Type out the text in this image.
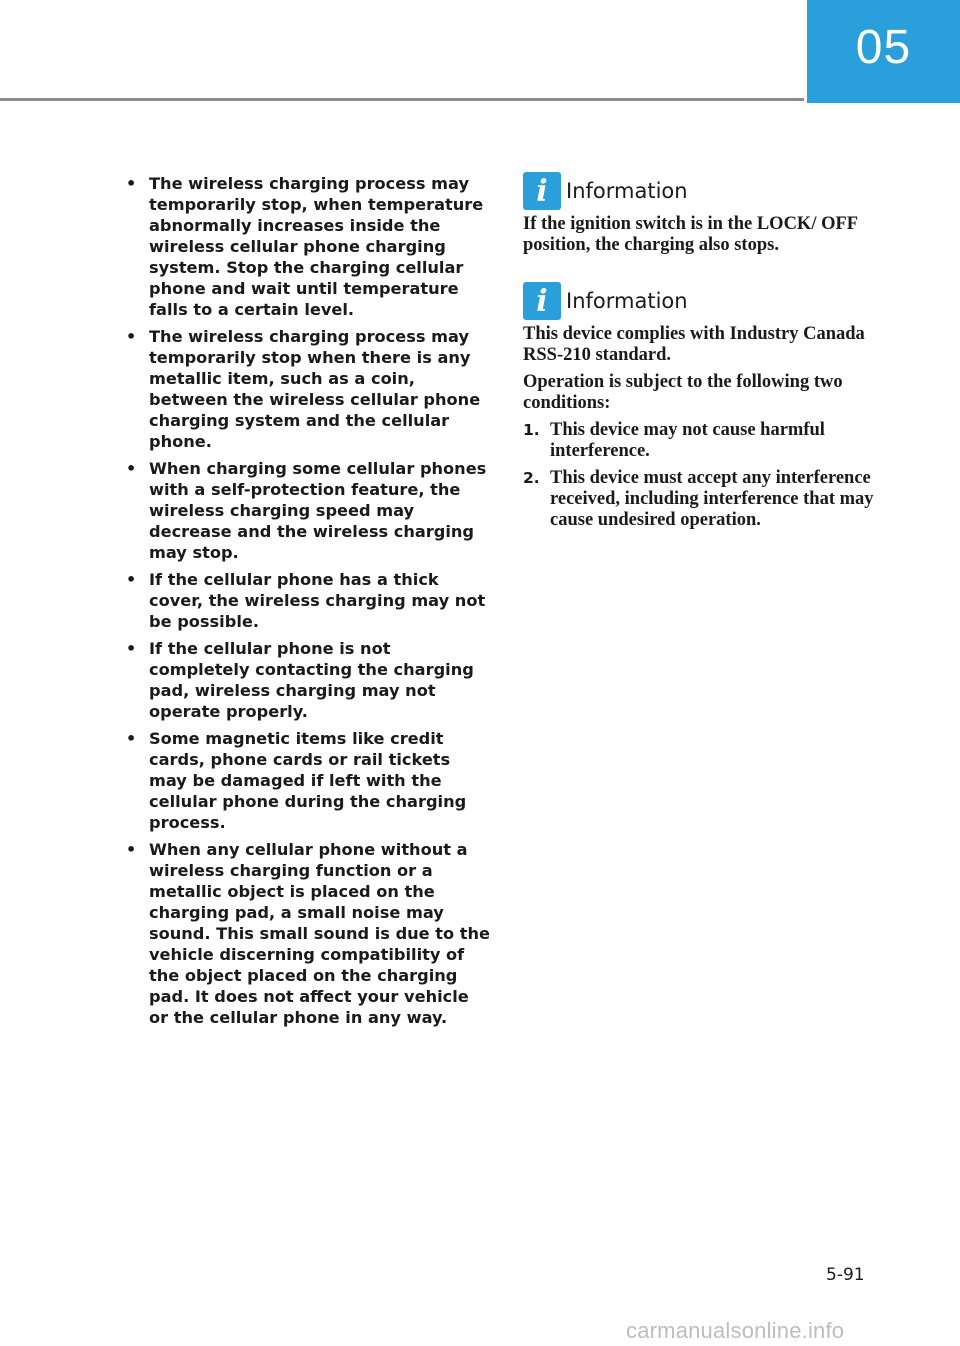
05
• The wireless charging process may temporarily stop, when temperature abnormally increases inside the wireless cellular phone charging system. Stop the charging cellular phone and wait until temperature falls to a certain level.
• The wireless charging process may temporarily stop when there is any metallic item, such as a coin, between the wireless cellular phone charging system and the cellular phone.
• When charging some cellular phones with a self-protection feature, the wireless charging speed may decrease and the wireless charging may stop.
• If the cellular phone has a thick cover, the wireless charging may not be possible.
• If the cellular phone is not completely contacting the charging pad, wireless charging may not operate properly.
• Some magnetic items like credit cards, phone cards or rail tickets may be damaged if left with the cellular phone during the charging process.
• When any cellular phone without a wireless charging function or a metallic object is placed on the charging pad, a small noise may sound. This small sound is due to the vehicle discerning compatibility of the object placed on the charging pad. It does not affect your vehicle or the cellular phone in any way.
i Information

If the ignition switch is in the LOCK/ OFF position, the charging also stops.

i Information

This device complies with Industry Canada RSS-210 standard.

Operation is subject to the following two conditions:

1. This device may not cause harmful interference.
2. This device must accept any interference received, including interference that may cause undesired operation.
5-91
carmanualsonline.info
